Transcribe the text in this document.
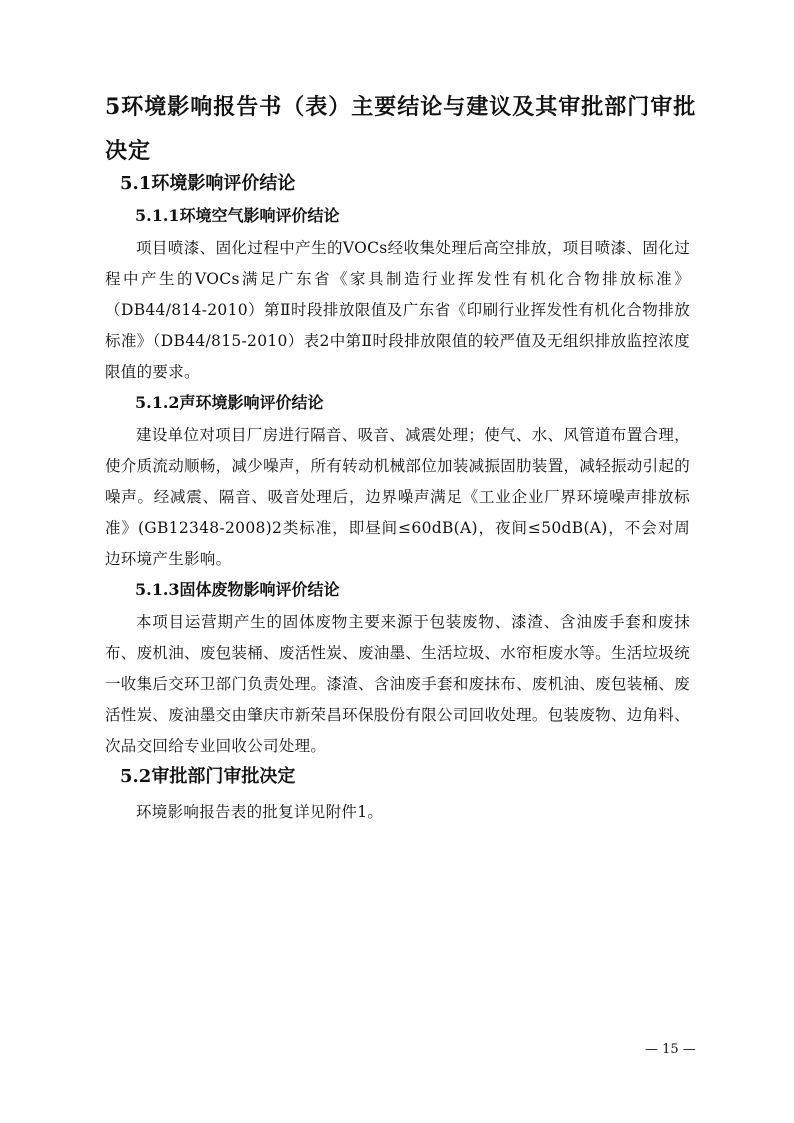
5环境影响报告书（表）主要结论与建议及其审批部门审批决定
5.1环境影响评价结论
5.1.1环境空气影响评价结论
项目喷漆、固化过程中产生的VOCs经收集处理后高空排放，项目喷漆、固化过程中产生的VOCs满足广东省《家具制造行业挥发性有机化合物排放标准》（DB44/814-2010）第Ⅱ时段排放限值及广东省《印刷行业挥发性有机化合物排放标准》（DB44/815-2010）表2中第Ⅱ时段排放限值的较严值及无组织排放监控浓度限值的要求。
5.1.2声环境影响评价结论
建设单位对项目厂房进行隔音、吸音、减震处理；使气、水、风管道布置合理，使介质流动顺畅，减少噪声，所有转动机械部位加装减振固肋装置，减轻振动引起的噪声。经减震、隔音、吸音处理后，边界噪声满足《工业企业厂界环境噪声排放标准》(GB12348-2008)2类标准，即昼间≤60dB(A)，夜间≤50dB(A)，不会对周边环境产生影响。
5.1.3固体废物影响评价结论
本项目运营期产生的固体废物主要来源于包装废物、漆渣、含油废手套和废抹布、废机油、废包装桶、废活性炭、废油墨、生活垃圾、水帘柜废水等。生活垃圾统一收集后交环卫部门负责处理。漆渣、含油废手套和废抹布、废机油、废包装桶、废活性炭、废油墨交由肇庆市新荣昌环保股份有限公司回收处理。包装废物、边角料、次品交回给专业回收公司处理。
5.2审批部门审批决定
环境影响报告表的批复详见附件1。
— 15 —
